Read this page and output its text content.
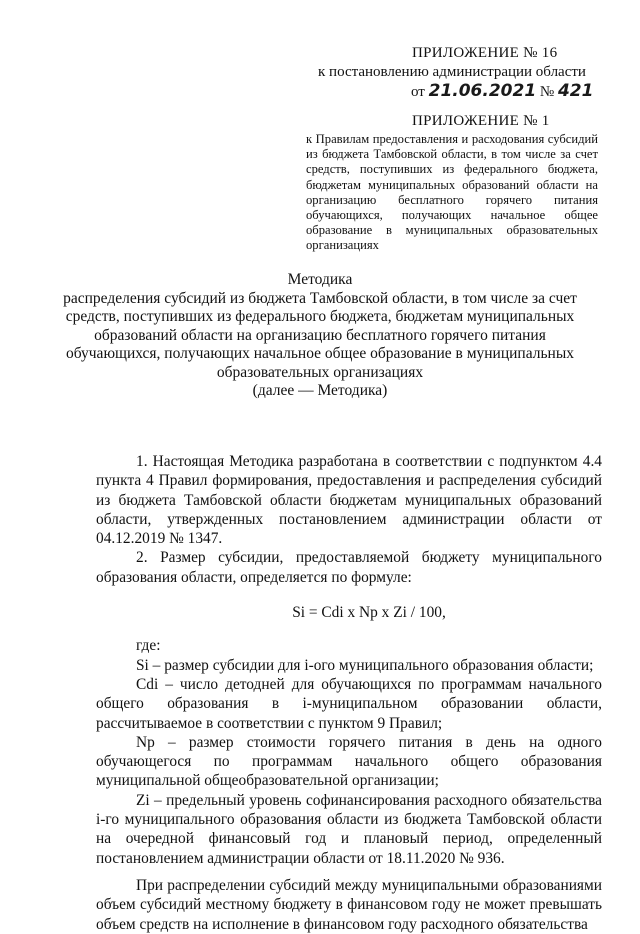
ПРИЛОЖЕНИЕ № 16
к постановлению администрации области
от 21.06.2021 № 421
ПРИЛОЖЕНИЕ № 1
к Правилам предоставления и расходования субсидий из бюджета Тамбовской области, в том числе за счет средств, поступивших из федерального бюджета, бюджетам муниципальных образований области на организацию бесплатного горячего питания обучающихся, получающих начальное общее образование в муниципальных образовательных организациях
Методика
распределения субсидий из бюджета Тамбовской области, в том числе за счет средств, поступивших из федерального бюджета, бюджетам муниципальных образований области на организацию бесплатного горячего питания обучающихся, получающих начальное общее образование в муниципальных образовательных организациях
(далее — Методика)

1. Настоящая Методика разработана в соответствии с подпунктом 4.4 пункта 4 Правил формирования, предоставления и распределения субсидий из бюджета Тамбовской области бюджетам муниципальных образований области, утвержденных постановлением администрации области от 04.12.2019 № 1347.

2. Размер субсидии, предоставляемой бюджету муниципального образования области, определяется по формуле:

Si = Cdi x Np x Zi / 100,

где:

Si – размер субсидии для i-ого муниципального образования области;

Cdi – число детодней для обучающихся по программам начального общего образования в i-муниципальном образовании области, рассчитываемое в соответствии с пунктом 9 Правил;

Np – размер стоимости горячего питания в день на одного обучающегося по программам начального общего образования муниципальной общеобразовательной организации;

Zi – предельный уровень софинансирования расходного обязательства i-го муниципального образования области из бюджета Тамбовской области на очередной финансовый год и плановый период, определенный постановлением администрации области от 18.11.2020 № 936.

При распределении субсидий между муниципальными образованиями объем субсидий местному бюджету в финансовом году не может превышать объем средств на исполнение в финансовом году расходного обязательства
